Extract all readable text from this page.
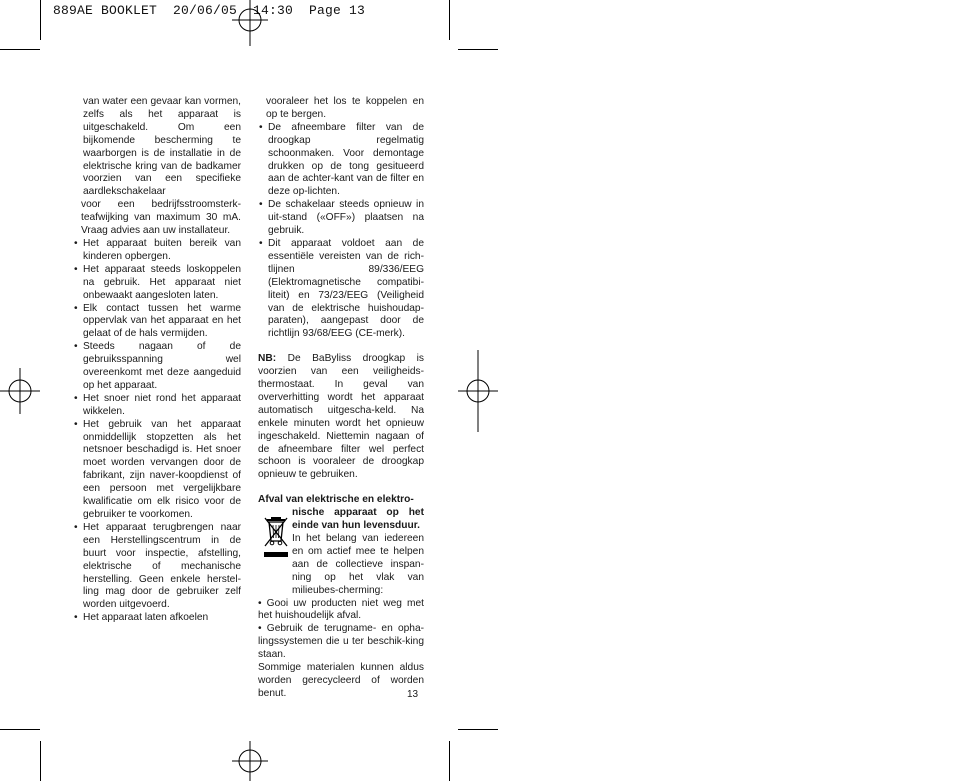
889AE BOOKLET  20/06/05  14:30  Page 13

van water een gevaar kan vormen, zelfs als het apparaat is uitgeschakeld. Om een bijkomende bescherming te waarborgen is de installatie in de elektrische kring van de badkamer voorzien van een specifieke aardlekschakelaar

voor een bedrijfsstroomsterk-teafwijking van maximum 30 mA. Vraag advies aan uw installateur.

• Het apparaat buiten bereik van kinderen opbergen.

• Het apparaat steeds loskoppelen na gebruik. Het apparaat niet onbewaakt aangesloten laten.

• Elk contact tussen het warme oppervlak van het apparaat en het gelaat of de hals vermijden.

• Steeds nagaan of de gebruiksspanning wel overeenkomt met deze aangeduid op het apparaat.

• Het snoer niet rond het apparaat wikkelen.

• Het gebruik van het apparaat onmiddellijk stopzetten als het netsnoer beschadigd is. Het snoer moet worden vervangen door de fabrikant, zijn naver-koopdienst of een persoon met vergelijkbare kwalificatie om elk risico voor de gebruiker te voorkomen.

• Het apparaat terugbrengen naar een Herstellingscentrum in de buurt voor inspectie, afstelling, elektrische of mechanische herstelling. Geen enkele herstel-ling mag door de gebruiker zelf worden uitgevoerd.

• Het apparaat laten afkoelen

vooraleer het los te koppelen en op te bergen.

• De afneembare filter van de droogkap regelmatig schoonmaken. Voor demontage drukken op de tong gesitueerd aan de achter-kant van de filter en deze op-lichten.

• De schakelaar steeds opnieuw in uit-stand («OFF») plaatsen na gebruik.

• Dit apparaat voldoet aan de essentiële vereisten van de rich-tlijnen 89/336/EEG (Elektromagnetische compatibi-liteit) en 73/23/EEG (Veiligheid van de elektrische huishoudap-paraten), aangepast door de richtlijn 93/68/EEG (CE-merk).

NB: De BaByliss droogkap is voorzien van een veiligheids-thermostaat. In geval van oververhitting wordt het apparaat automatisch uitgescha-keld. Na enkele minuten wordt het opnieuw ingeschakeld. Niettemin nagaan of de afneembare filter wel perfect schoon is vooraleer de droogkap opnieuw te gebruiken.

Afval van elektrische en elektro-

nische apparaat op het einde van hun levensduur.

In het belang van iedereen en om actief mee te helpen aan de collectieve inspan-ning op het vlak van milieubes-cherming:

• Gooi uw producten niet weg met het huishoudelijk afval.

• Gebruik de terugname- en opha-lingssystemen die u ter beschik-king staan.

Sommige materialen kunnen aldus worden gerecycleerd of worden benut.	13
